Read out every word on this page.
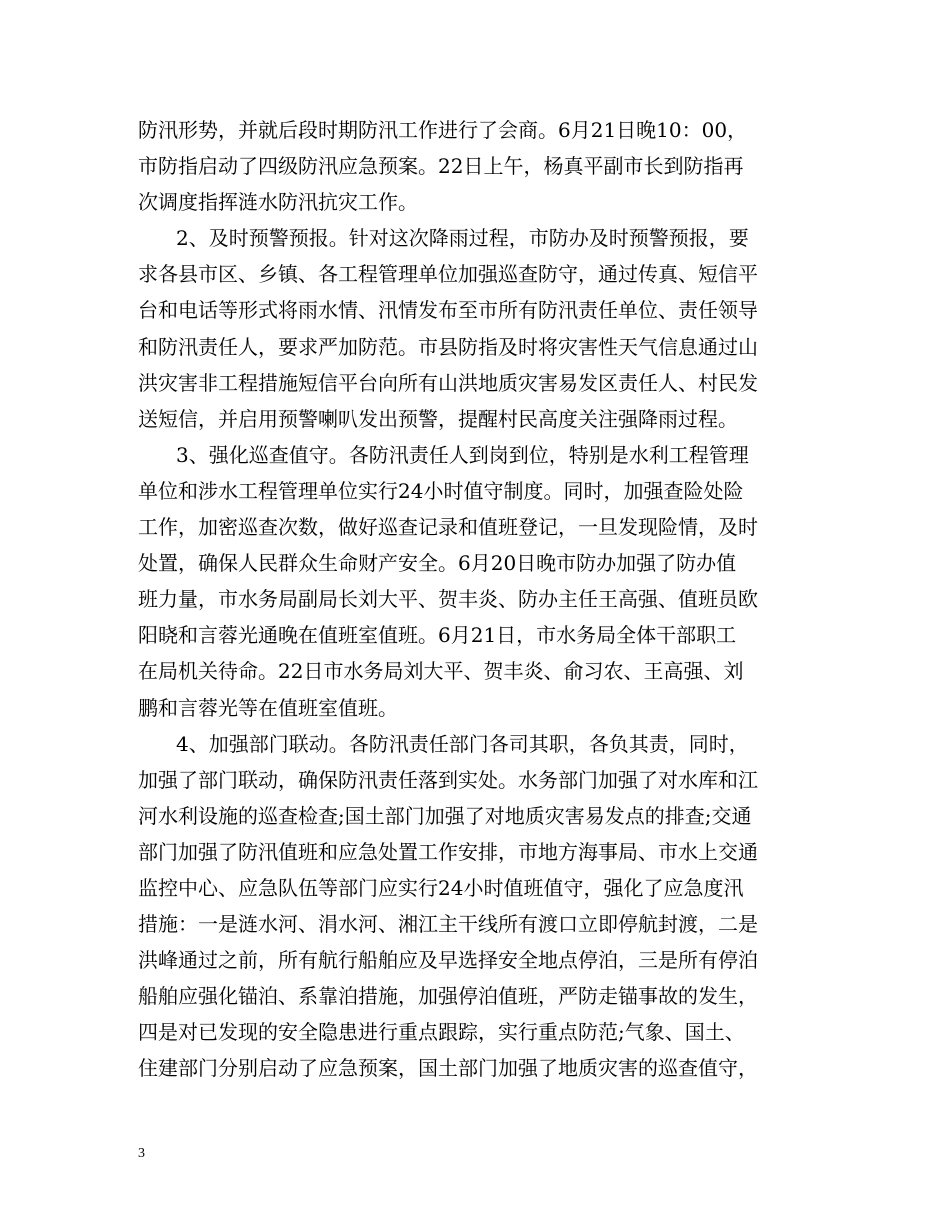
防汛形势，并就后段时期防汛工作进行了会商。6月21日晚10：00，
市防指启动了四级防汛应急预案。22日上午，杨真平副市长到防指再
次调度指挥涟水防汛抗灾工作。
2、及时预警预报。针对这次降雨过程，市防办及时预警预报，要
求各县市区、乡镇、各工程管理单位加强巡查防守，通过传真、短信平
台和电话等形式将雨水情、汛情发布至市所有防汛责任单位、责任领导
和防汛责任人，要求严加防范。市县防指及时将灾害性天气信息通过山
洪灾害非工程措施短信平台向所有山洪地质灾害易发区责任人、村民发
送短信，并启用预警喇叭发出预警，提醒村民高度关注强降雨过程。
3、强化巡查值守。各防汛责任人到岗到位，特别是水利工程管理
单位和涉水工程管理单位实行24小时值守制度。同时，加强查险处险
工作，加密巡查次数，做好巡查记录和值班登记，一旦发现险情，及时
处置，确保人民群众生命财产安全。6月20日晚市防办加强了防办值
班力量，市水务局副局长刘大平、贺丰炎、防办主任王高强、值班员欧
阳晓和言蓉光通晚在值班室值班。6月21日，市水务局全体干部职工
在局机关待命。22日市水务局刘大平、贺丰炎、俞习农、王高强、刘
鹏和言蓉光等在值班室值班。
4、加强部门联动。各防汛责任部门各司其职，各负其责，同时，
加强了部门联动，确保防汛责任落到实处。水务部门加强了对水库和江
河水利设施的巡查检查;国土部门加强了对地质灾害易发点的排查;交通
部门加强了防汛值班和应急处置工作安排，市地方海事局、市水上交通
监控中心、应急队伍等部门应实行24小时值班值守，强化了应急度汛
措施：一是涟水河、涓水河、湘江主干线所有渡口立即停航封渡，二是
洪峰通过之前，所有航行船舶应及早选择安全地点停泊，三是所有停泊
船舶应强化锚泊、系靠泊措施，加强停泊值班，严防走锚事故的发生，
四是对已发现的安全隐患进行重点跟踪，实行重点防范;气象、国土、
住建部门分别启动了应急预案，国土部门加强了地质灾害的巡查值守，
3
